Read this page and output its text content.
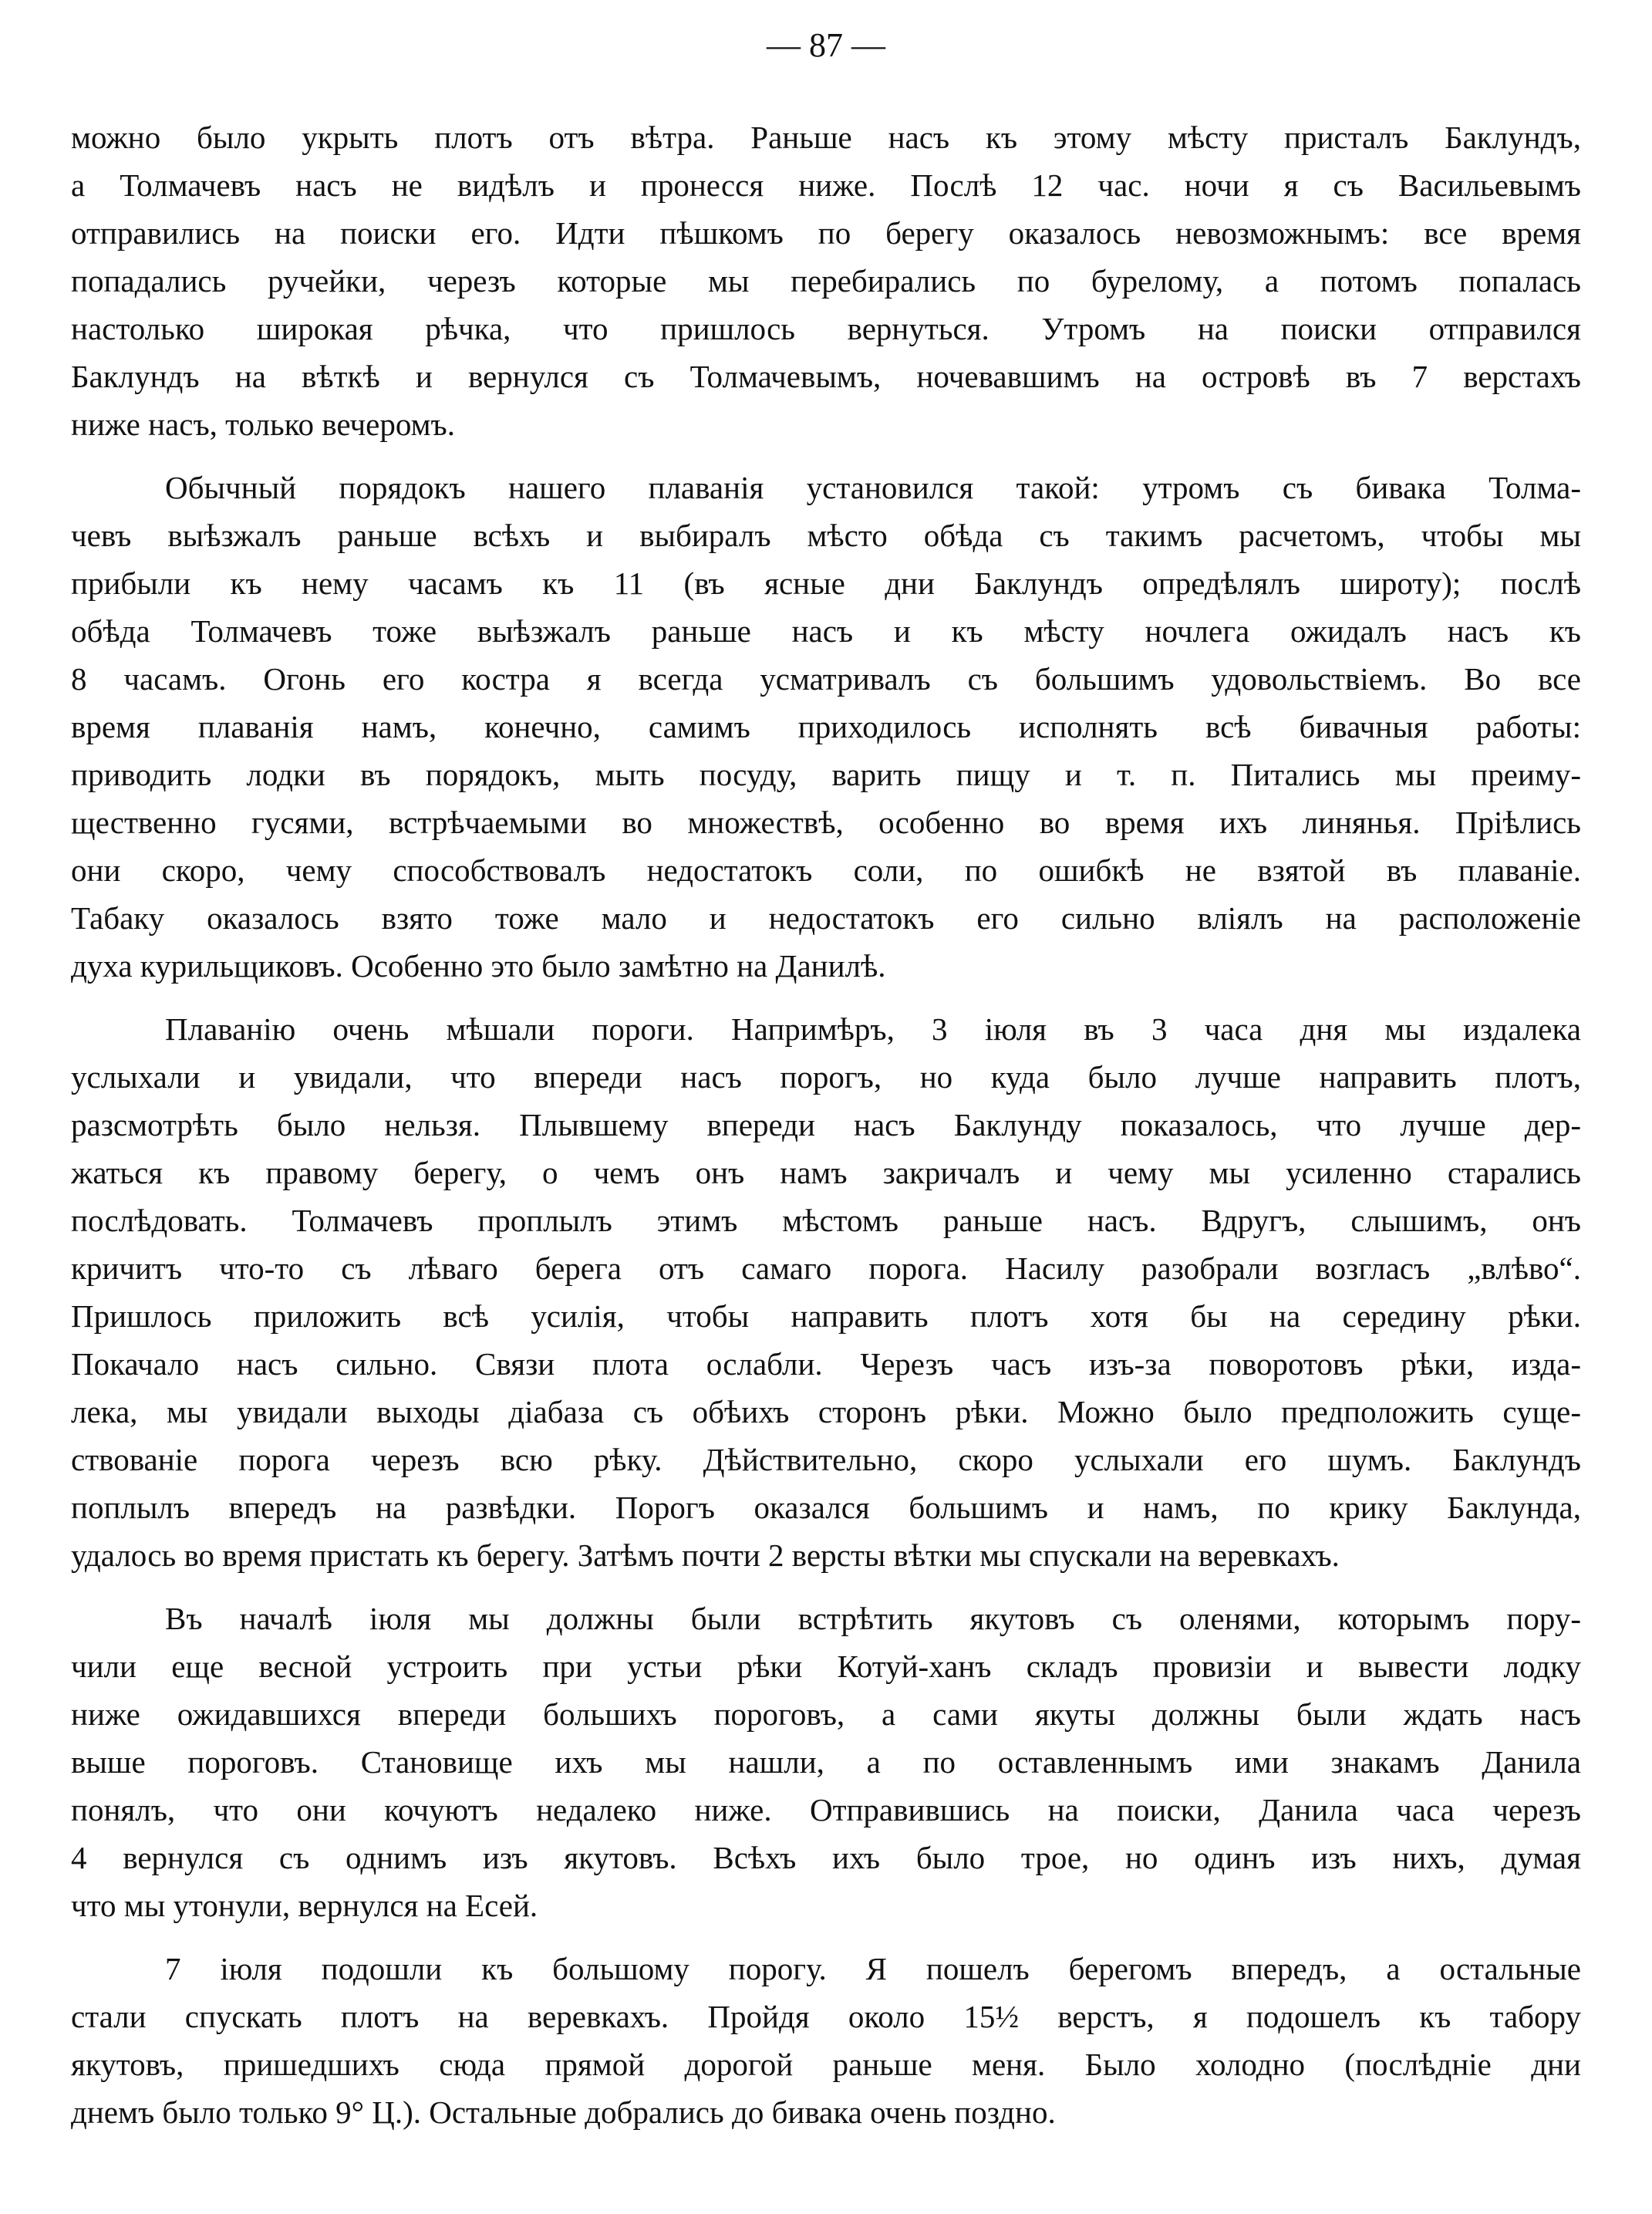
— 87 —
можно было укрыть плотъ отъ вѣтра. Раньше насъ къ этому мѣсту присталъ Баклундъ,
а Толмачевъ насъ не видѣлъ и пронесся ниже. Послѣ 12 час. ночи я съ Васильевымъ
отправились на поиски его. Идти пѣшкомъ по берегу оказалось невозможнымъ: все время
попадались ручейки, черезъ которые мы перебирались по бурелому, а потомъ попалась
настолько широкая рѣчка, что пришлось вернуться. Утромъ на поиски отправился
Баклундъ на вѣткѣ и вернулся съ Толмачевымъ, ночевавшимъ на островѣ въ 7 верстахъ
ниже насъ, только вечеромъ.
Обычный порядокъ нашего плаванія установился такой: утромъ съ бивака Толма-
чевъ выѣзжалъ раньше всѣхъ и выбиралъ мѣсто обѣда съ такимъ расчетомъ, чтобы мы
прибыли къ нему часамъ къ 11 (въ ясные дни Баклундъ опредѣлялъ широту); послѣ
обѣда Толмачевъ тоже выѣзжалъ раньше насъ и къ мѣсту ночлега ожидалъ насъ къ
8 часамъ. Огонь его костра я всегда усматривалъ съ большимъ удовольствіемъ. Во все
время плаванія намъ, конечно, самимъ приходилось исполнять всѣ бивачныя работы:
приводить лодки въ порядокъ, мыть посуду, варить пищу и т. п. Питались мы преиму-
щественно гусями, встрѣчаемыми во множествѣ, особенно во время ихъ линянья. Пріѣлись
они скоро, чему способствовалъ недостатокъ соли, по ошибкѣ не взятой въ плаваніе.
Табаку оказалось взято тоже мало и недостатокъ его сильно вліялъ на расположеніе
духа курильщиковъ. Особенно это было замѣтно на Данилѣ.
Плаванію очень мѣшали пороги. Напримѣръ, 3 іюля въ 3 часа дня мы издалека
услыхали и увидали, что впереди насъ порогъ, но куда было лучше направить плотъ,
разсмотрѣть было нельзя. Плывшему впереди насъ Баклунду показалось, что лучше дер-
жаться къ правому берегу, о чемъ онъ намъ закричалъ и чему мы усиленно старались
послѣдовать. Толмачевъ проплылъ этимъ мѣстомъ раньше насъ. Вдругъ, слышимъ, онъ
кричитъ что-то съ лѣваго берега отъ самаго порога. Насилу разобрали возгласъ „влѣво“.
Пришлось приложить всѣ усилія, чтобы направить плотъ хотя бы на середину рѣки.
Покачало насъ сильно. Связи плота ослабли. Черезъ часъ изъ-за поворотовъ рѣки, изда-
лека, мы увидали выходы діабаза съ обѣихъ сторонъ рѣки. Можно было предположить суще-
ствованіе порога черезъ всю рѣку. Дѣйствительно, скоро услыхали его шумъ. Баклундъ
поплылъ впередъ на развѣдки. Порогъ оказался большимъ и намъ, по крику Баклунда,
удалось во время пристать къ берегу. Затѣмъ почти 2 версты вѣтки мы спускали на веревкахъ.
Въ началѣ іюля мы должны были встрѣтить якутовъ съ оленями, которымъ пору-
чили еще весной устроить при устьи рѣки Котуй-ханъ складъ провизіи и вывести лодку
ниже ожидавшихся впереди большихъ пороговъ, а сами якуты должны были ждать насъ
выше пороговъ. Становище ихъ мы нашли, а по оставленнымъ ими знакамъ Данила
понялъ, что они кочуютъ недалеко ниже. Отправившись на поиски, Данила часа черезъ
4 вернулся съ однимъ изъ якутовъ. Всѣхъ ихъ было трое, но одинъ изъ нихъ, думая
что мы утонули, вернулся на Есей.
7 іюля подошли къ большому порогу. Я пошелъ берегомъ впередъ, а остальные
стали спускать плотъ на веревкахъ. Пройдя около 15½ верстъ, я подошелъ къ табору
якутовъ, пришедшихъ сюда прямой дорогой раньше меня. Было холодно (послѣдніе дни
днемъ было только 9° Ц.). Остальные добрались до бивака очень поздно.
